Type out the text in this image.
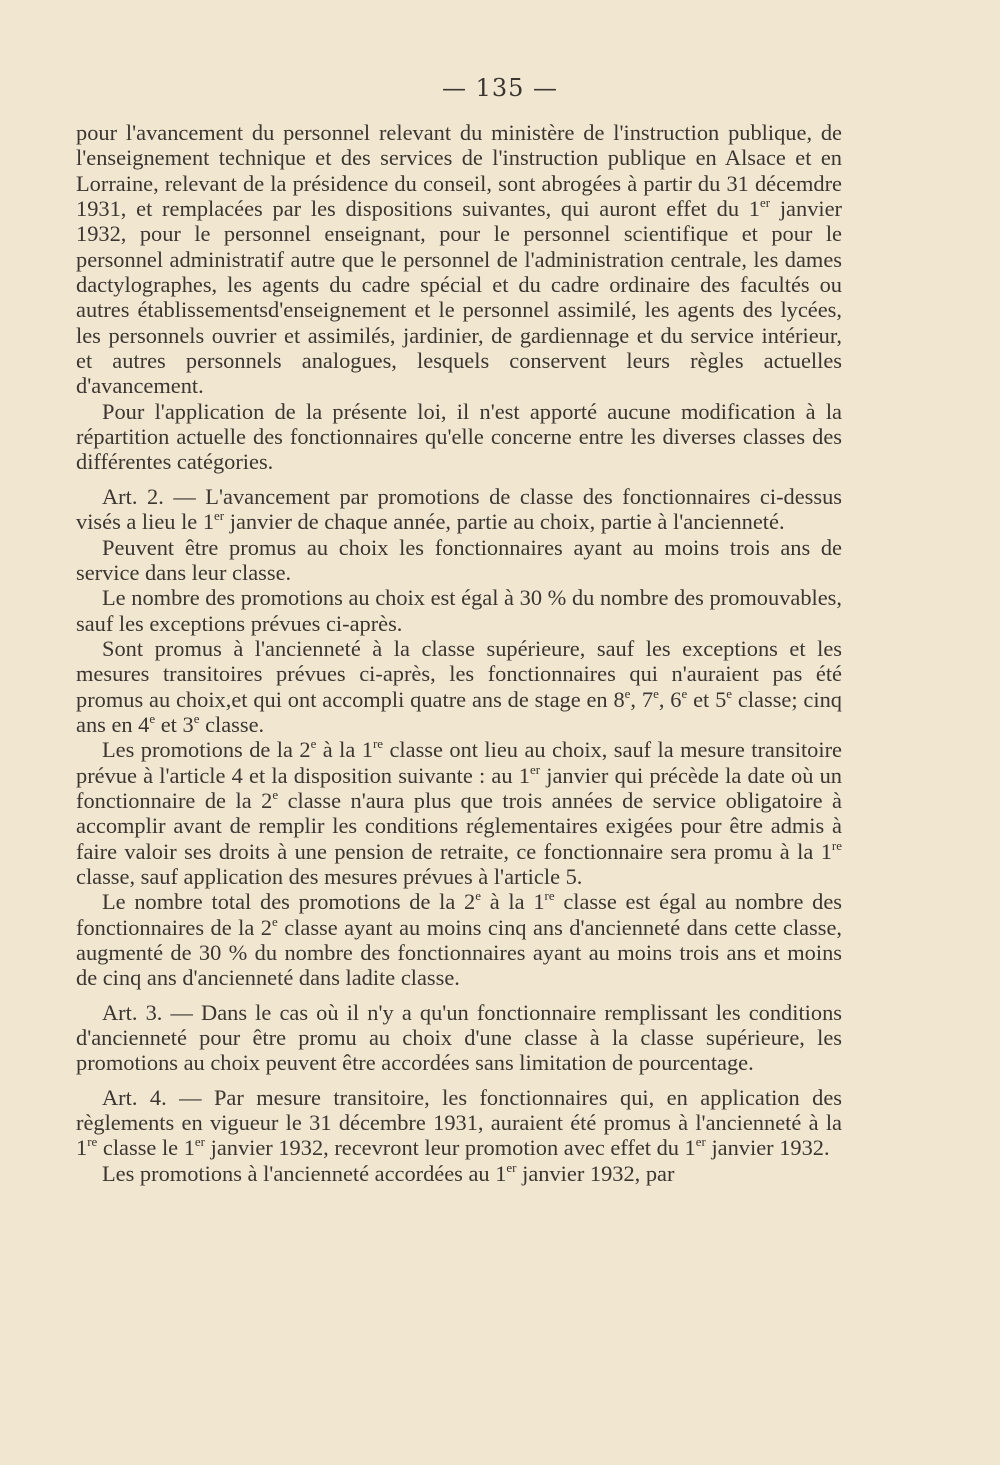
— 135 —

pour l'avancement du personnel relevant du ministère de l'instruction publique, de l'enseignement technique et des services de l'instruction publique en Alsace et en Lorraine, relevant de la présidence du conseil, sont abrogées à partir du 31 décemdre 1931, et remplacées par les dispositions suivantes, qui auront effet du 1er janvier 1932, pour le personnel enseignant, pour le personnel scientifique et pour le personnel administratif autre que le personnel de l'administration centrale, les dames dactylographes, les agents du cadre spécial et du cadre ordinaire des facultés ou autres établissementsd'enseignement et le personnel assimilé, les agents des lycées, les personnels ouvrier et assimilés, jardinier, de gardiennage et du service intérieur, et autres personnels analogues, lesquels conservent leurs règles actuelles d'avancement.

Pour l'application de la présente loi, il n'est apporté aucune modification à la répartition actuelle des fonctionnaires qu'elle concerne entre les diverses classes des différentes catégories.

Art. 2. — L'avancement par promotions de classe des fonctionnaires ci-dessus visés a lieu le 1er janvier de chaque année, partie au choix, partie à l'ancienneté.

Peuvent être promus au choix les fonctionnaires ayant au moins trois ans de service dans leur classe.

Le nombre des promotions au choix est égal à 30 % du nombre des promouvables, sauf les exceptions prévues ci-après.

Sont promus à l'ancienneté à la classe supérieure, sauf les exceptions et les mesures transitoires prévues ci-après, les fonctionnaires qui n'auraient pas été promus au choix,et qui ont accompli quatre ans de stage en 8e, 7e, 6e et 5e classe; cinq ans en 4e et 3e classe.

Les promotions de la 2e à la 1re classe ont lieu au choix, sauf la mesure transitoire prévue à l'article 4 et la disposition suivante : au 1er janvier qui précède la date où un fonctionnaire de la 2e classe n'aura plus que trois années de service obligatoire à accomplir avant de remplir les conditions réglementaires exigées pour être admis à faire valoir ses droits à une pension de retraite, ce fonctionnaire sera promu à la 1re classe, sauf application des mesures prévues à l'article 5.

Le nombre total des promotions de la 2e à la 1re classe est égal au nombre des fonctionnaires de la 2e classe ayant au moins cinq ans d'ancienneté dans cette classe, augmenté de 30 % du nombre des fonctionnaires ayant au moins trois ans et moins de cinq ans d'ancienneté dans ladite classe.

Art. 3. — Dans le cas où il n'y a qu'un fonctionnaire remplissant les conditions d'ancienneté pour être promu au choix d'une classe à la classe supérieure, les promotions au choix peuvent être accordées sans limitation de pourcentage.

Art. 4. — Par mesure transitoire, les fonctionnaires qui, en application des règlements en vigueur le 31 décembre 1931, auraient été promus à l'ancienneté à la 1re classe le 1er janvier 1932, recevront leur promotion avec effet du 1er janvier 1932.

Les promotions à l'ancienneté accordées au 1er janvier 1932, par
